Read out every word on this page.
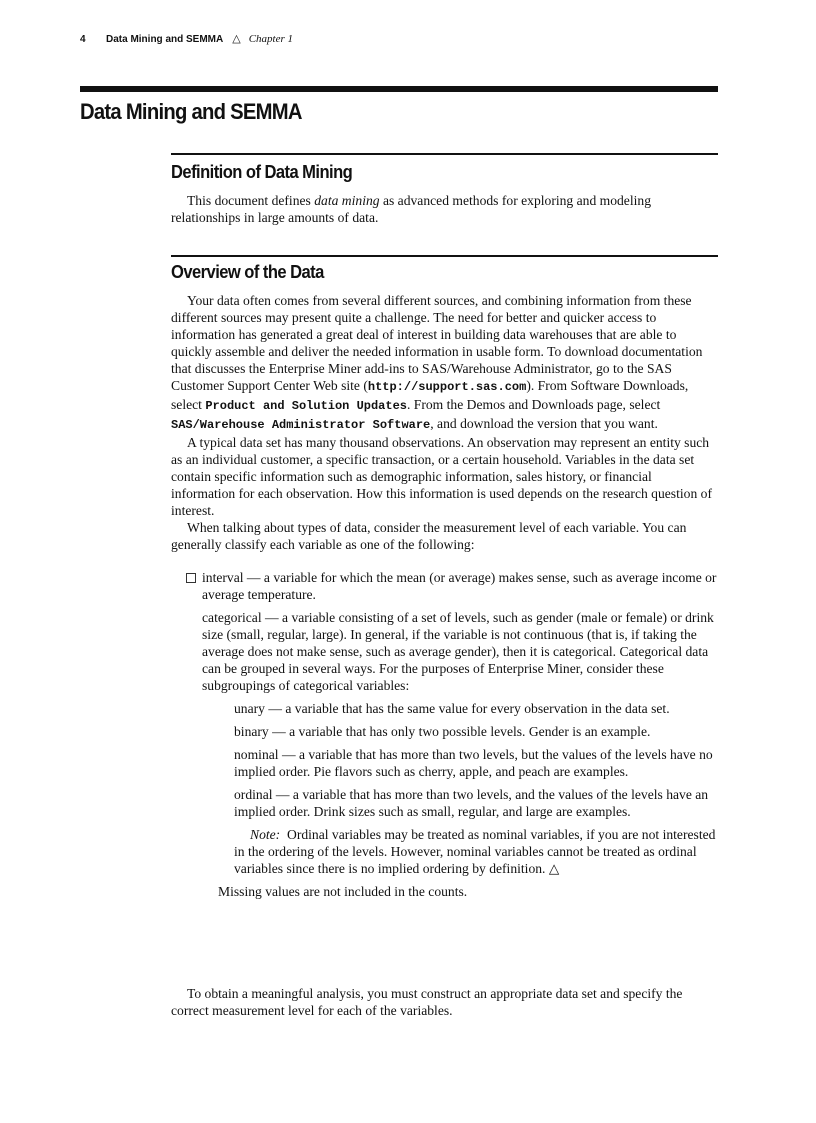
4	Data Mining and SEMMA △ Chapter 1
Data Mining and SEMMA
Definition of Data Mining

This document defines data mining as advanced methods for exploring and modeling relationships in large amounts of data.

Overview of the Data

Your data often comes from several different sources, and combining information from these different sources may present quite a challenge. The need for better and quicker access to information has generated a great deal of interest in building data warehouses that are able to quickly assemble and deliver the needed information in usable form. To download documentation that discusses the Enterprise Miner add-ins to SAS/Warehouse Administrator, go to the SAS Customer Support Center Web site (http://support.sas.com). From Software Downloads, select Product and Solution Updates. From the Demos and Downloads page, select SAS/Warehouse Administrator Software, and download the version that you want.

A typical data set has many thousand observations. An observation may represent an entity such as an individual customer, a specific transaction, or a certain household. Variables in the data set contain specific information such as demographic information, sales history, or financial information for each observation. How this information is used depends on the research question of interest.

When talking about types of data, consider the measurement level of each variable. You can generally classify each variable as one of the following:

interval — a variable for which the mean (or average) makes sense, such as average income or average temperature.
categorical — a variable consisting of a set of levels, such as gender (male or female) or drink size (small, regular, large). In general, if the variable is not continuous (that is, if taking the average does not make sense, such as average gender), then it is categorical. Categorical data can be grouped in several ways. For the purposes of Enterprise Miner, consider these subgroupings of categorical variables:
unary — a variable that has the same value for every observation in the data set.
binary — a variable that has only two possible levels. Gender is an example.
nominal — a variable that has more than two levels, but the values of the levels have no implied order. Pie flavors such as cherry, apple, and peach are examples.
ordinal — a variable that has more than two levels, and the values of the levels have an implied order. Drink sizes such as small, regular, and large are examples.
Note: Ordinal variables may be treated as nominal variables, if you are not interested in the ordering of the levels. However, nominal variables cannot be treated as ordinal variables since there is no implied ordering by definition. △
Missing values are not included in the counts.

To obtain a meaningful analysis, you must construct an appropriate data set and specify the correct measurement level for each of the variables.
